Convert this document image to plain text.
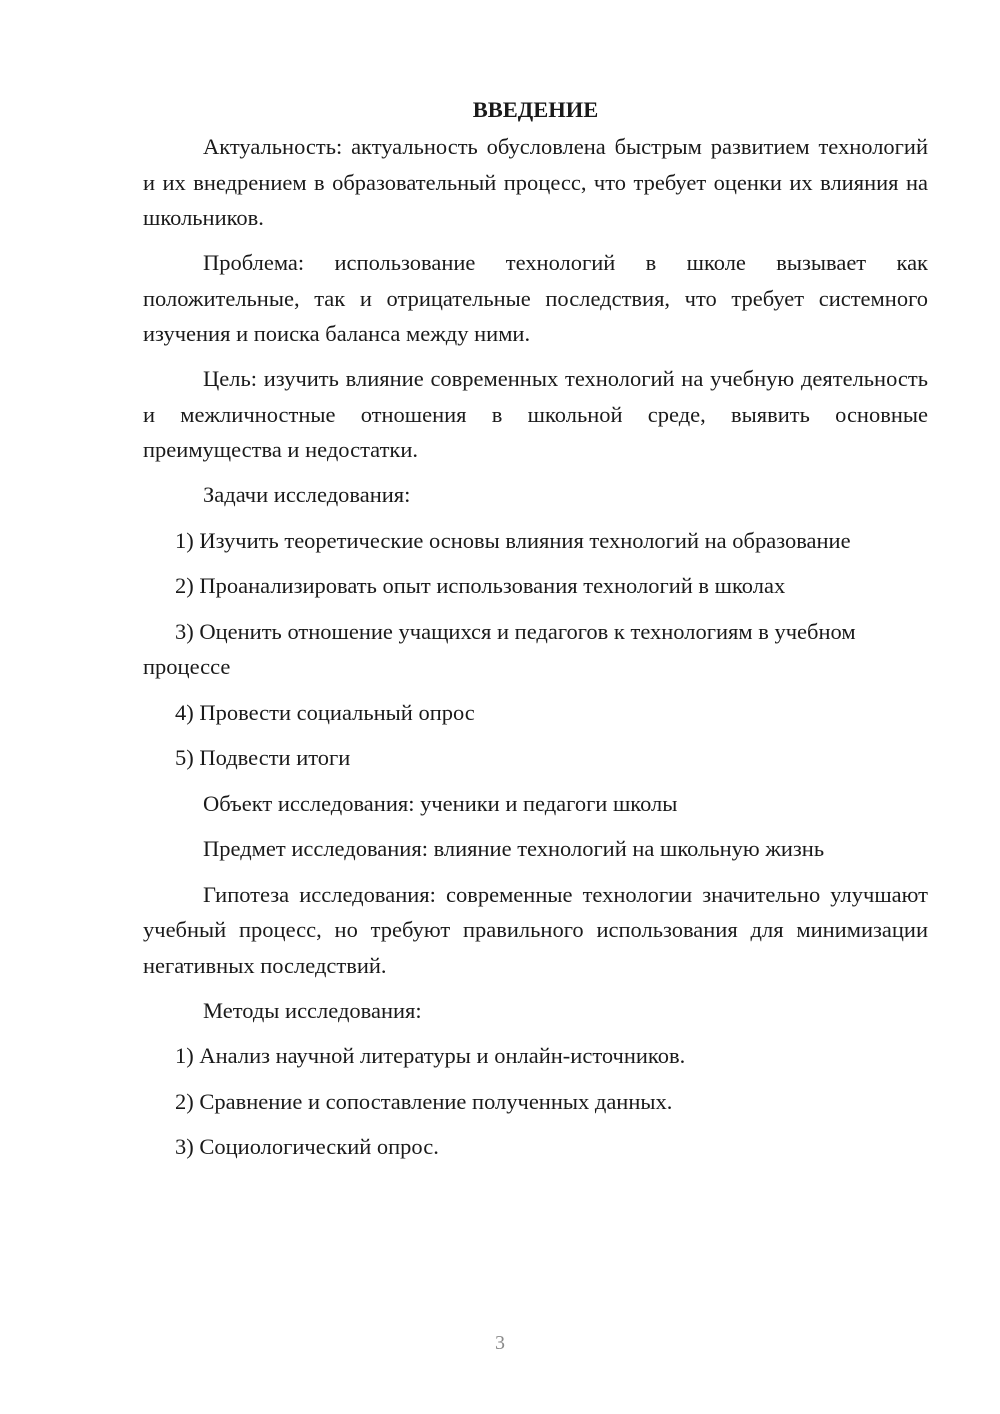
ВВЕДЕНИЕ

Актуальность: актуальность обусловлена быстрым развитием технологий и их внедрением в образовательный процесс, что требует оценки их влияния на школьников.

Проблема: использование технологий в школе вызывает как положительные, так и отрицательные последствия, что требует системного изучения и поиска баланса между ними.

Цель: изучить влияние современных технологий на учебную деятельность и межличностные отношения в школьной среде, выявить основные преимущества и недостатки.

Задачи исследования:

1) Изучить теоретические основы влияния технологий на образование

2) Проанализировать опыт использования технологий в школах

3) Оценить отношение учащихся и педагогов к технологиям в учебном процессе

4) Провести социальный опрос

5) Подвести итоги

Объект исследования: ученики и педагоги школы

Предмет исследования: влияние технологий на школьную жизнь

Гипотеза исследования: современные технологии значительно улучшают учебный процесс, но требуют правильного использования для минимизации негативных последствий.

Методы исследования:

1) Анализ научной литературы и онлайн-источников.

2) Сравнение и сопоставление полученных данных.

3) Социологический опрос.

3
